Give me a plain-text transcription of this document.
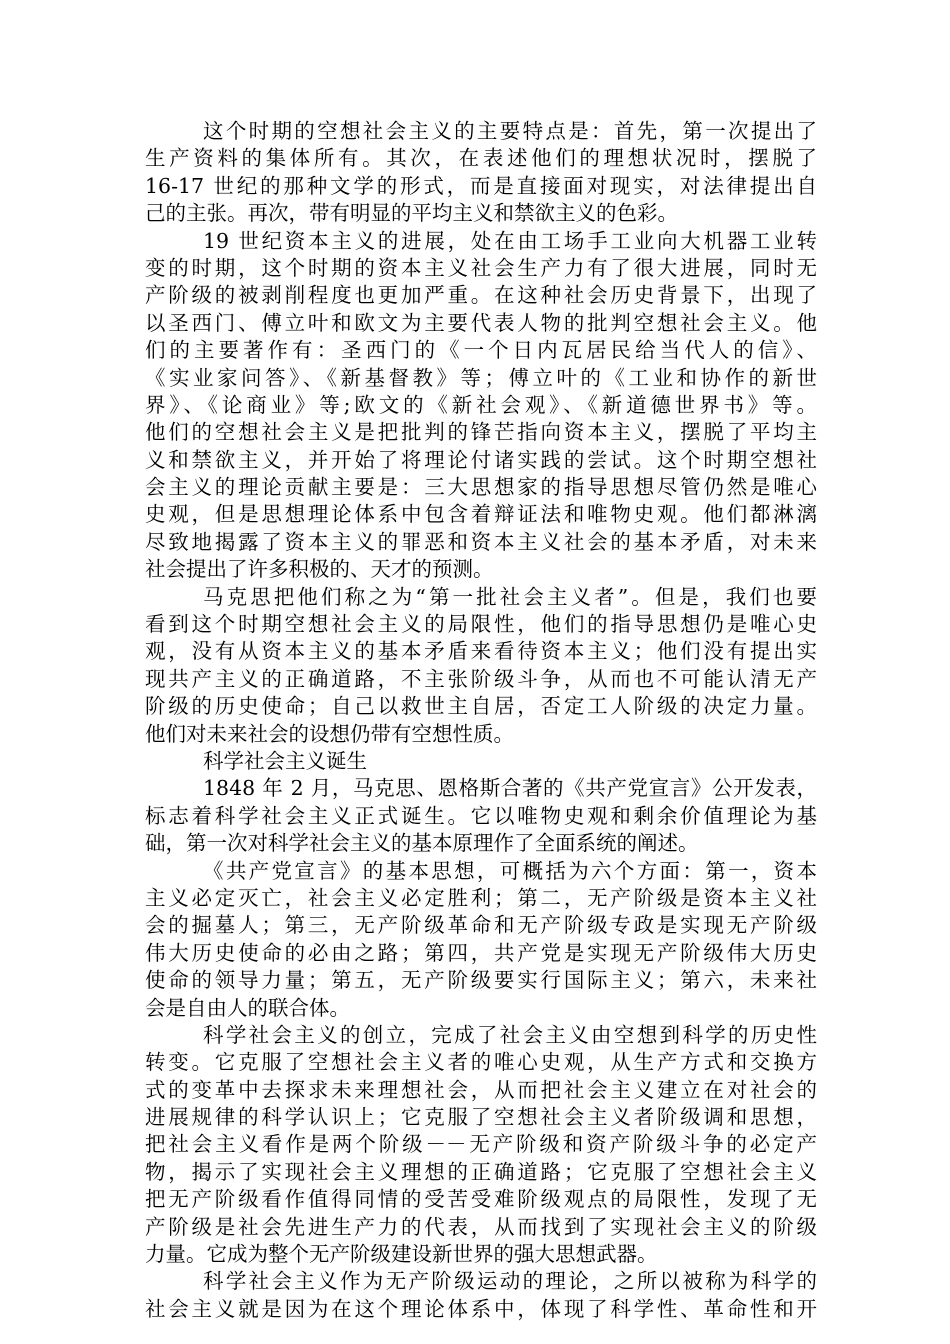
这个时期的空想社会主义的主要特点是：首先，第一次提出了
生产资料的集体所有。其次，在表述他们的理想状况时，摆脱了
16-17 世纪的那种文学的形式，而是直接面对现实，对法律提出自
己的主张。再次，带有明显的平均主义和禁欲主义的色彩。

19 世纪资本主义的进展，处在由工场手工业向大机器工业转
变的时期，这个时期的资本主义社会生产力有了很大进展，同时无
产阶级的被剥削程度也更加严重。在这种社会历史背景下，出现了
以圣西门、傅立叶和欧文为主要代表人物的批判空想社会主义。他
们的主要著作有：圣西门的《一个日内瓦居民给当代人的信》、
《实业家问答》、《新基督教》等；傅立叶的《工业和协作的新世
界》、《论商业》等;欧文的《新社会观》、《新道德世界书》等。
他们的空想社会主义是把批判的锋芒指向资本主义，摆脱了平均主
义和禁欲主义，并开始了将理论付诸实践的尝试。这个时期空想社
会主义的理论贡献主要是：三大思想家的指导思想尽管仍然是唯心
史观，但是思想理论体系中包含着辩证法和唯物史观。他们都淋漓
尽致地揭露了资本主义的罪恶和资本主义社会的基本矛盾，对未来
社会提出了许多积极的、天才的预测。

马克思把他们称之为“第一批社会主义者”。但是，我们也要
看到这个时期空想社会主义的局限性，他们的指导思想仍是唯心史
观，没有从资本主义的基本矛盾来看待资本主义；他们没有提出实
现共产主义的正确道路，不主张阶级斗争，从而也不可能认清无产
阶级的历史使命；自己以救世主自居，否定工人阶级的决定力量。
他们对未来社会的设想仍带有空想性质。

科学社会主义诞生

1848 年 2 月，马克思、恩格斯合著的《共产党宣言》公开发表，
标志着科学社会主义正式诞生。它以唯物史观和剩余价值理论为基
础，第一次对科学社会主义的基本原理作了全面系统的阐述。

《共产党宣言》的基本思想，可概括为六个方面：第一，资本
主义必定灭亡，社会主义必定胜利；第二，无产阶级是资本主义社
会的掘墓人；第三，无产阶级革命和无产阶级专政是实现无产阶级
伟大历史使命的必由之路；第四，共产党是实现无产阶级伟大历史
使命的领导力量；第五，无产阶级要实行国际主义；第六，未来社
会是自由人的联合体。

科学社会主义的创立，完成了社会主义由空想到科学的历史性
转变。它克服了空想社会主义者的唯心史观，从生产方式和交换方
式的变革中去探求未来理想社会，从而把社会主义建立在对社会的
进展规律的科学认识上；它克服了空想社会主义者阶级调和思想，
把社会主义看作是两个阶级－－无产阶级和资产阶级斗争的必定产
物，揭示了实现社会主义理想的正确道路；它克服了空想社会主义
把无产阶级看作值得同情的受苦受难阶级观点的局限性，发现了无
产阶级是社会先进生产力的代表，从而找到了实现社会主义的阶级
力量。它成为整个无产阶级建设新世界的强大思想武器。

科学社会主义作为无产阶级运动的理论，之所以被称为科学的
社会主义就是因为在这个理论体系中，体现了科学性、革命性和开
